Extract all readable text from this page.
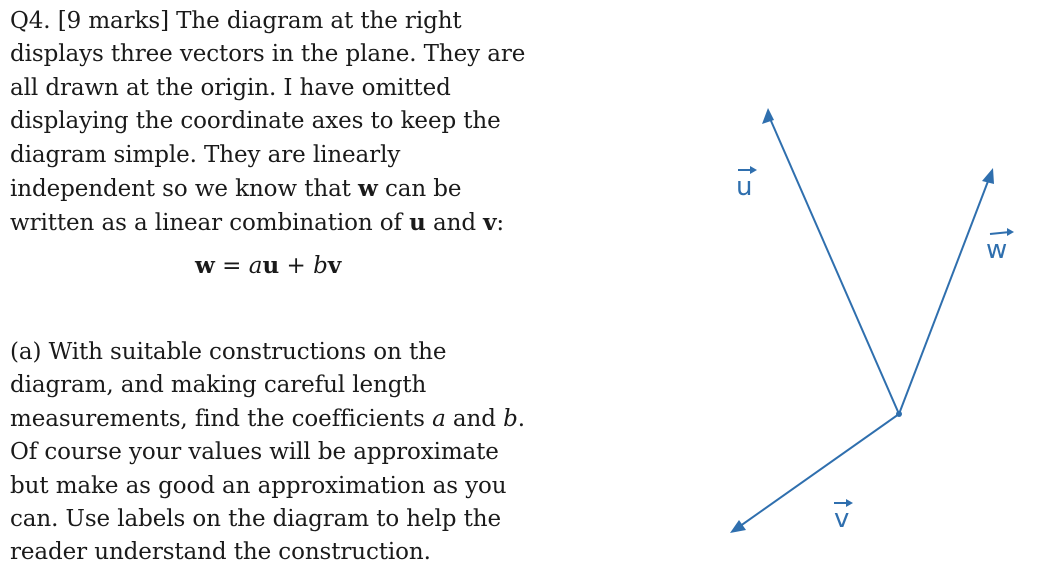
Q4. [9 marks] The diagram at the right
displays three vectors in the plane. They are
all drawn at the origin. I have omitted
displaying the coordinate axes to keep the
diagram simple. They are linearly
independent so we know that w can be
written as a linear combination of u and v:
w = au + bv
(a) With suitable constructions on the
diagram, and making careful length
measurements, find the coefficients a and b.
Of course your values will be approximate
but make as good an approximation as you
can. Use labels on the diagram to help the
reader understand the construction.
u
w
v
